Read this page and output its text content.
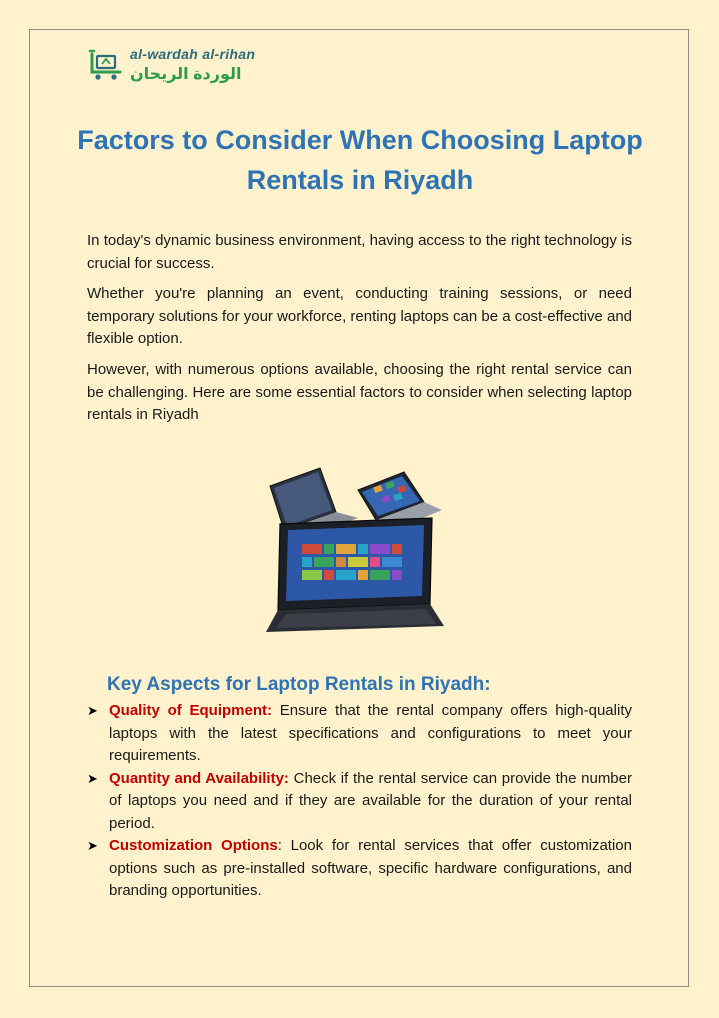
al-wardah al-rihan
الوردة الريحان
Factors to Consider When Choosing Laptop Rentals in Riyadh

In today's dynamic business environment, having access to the right technology is crucial for success.

Whether you're planning an event, conducting training sessions, or need temporary solutions for your workforce, renting laptops can be a cost-effective and flexible option.

However, with numerous options available, choosing the right rental service can be challenging. Here are some essential factors to consider when selecting laptop rentals in Riyadh

Key Aspects for Laptop Rentals in Riyadh:
➤ Quality of Equipment: Ensure that the rental company offers high-quality laptops with the latest specifications and configurations to meet your requirements.
➤ Quantity and Availability: Check if the rental service can provide the number of laptops you need and if they are available for the duration of your rental period.
➤ Customization Options: Look for rental services that offer customization options such as pre-installed software, specific hardware configurations, and branding opportunities.
